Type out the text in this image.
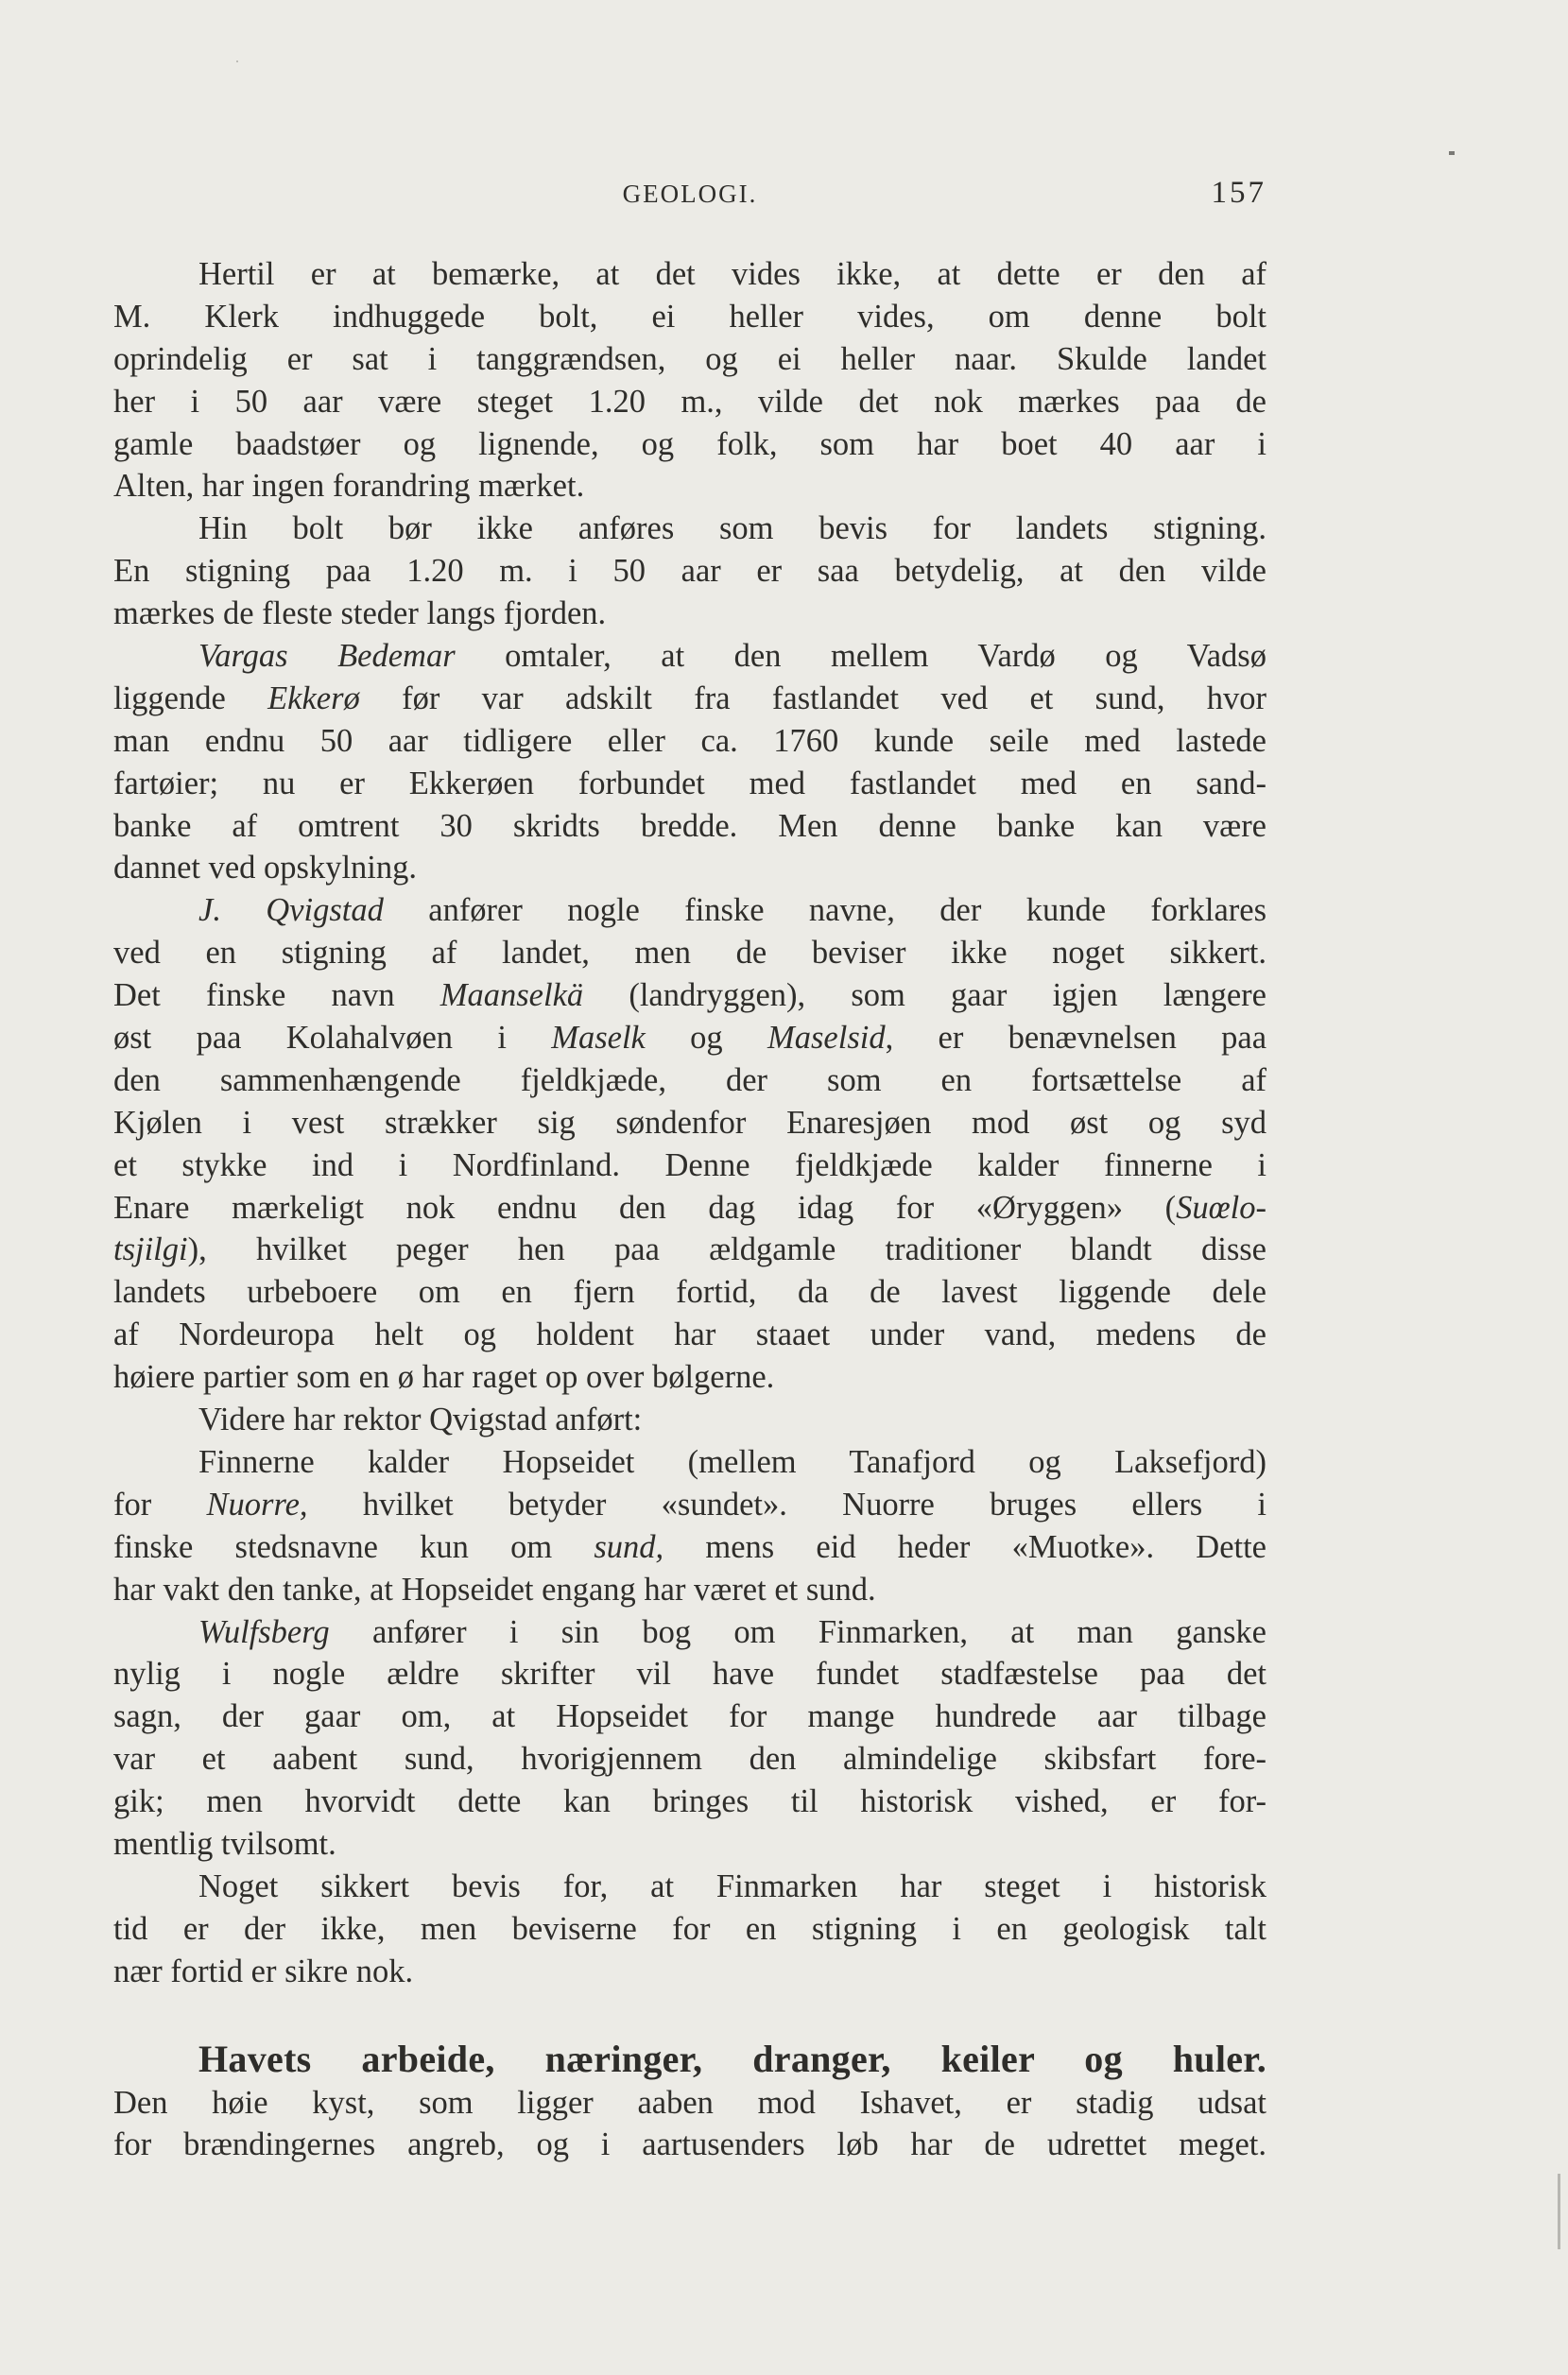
GEOLOGI.	157
Hertil er at bemærke, at det vides ikke, at dette er den af
M. Klerk indhuggede bolt, ei heller vides, om denne bolt
oprindelig er sat i tanggrændsen, og ei heller naar. Skulde landet
her i 50 aar være steget 1.20 m., vilde det nok mærkes paa de
gamle baadstøer og lignende, og folk, som har boet 40 aar i
Alten, har ingen forandring mærket.
Hin bolt bør ikke anføres som bevis for landets stigning.
En stigning paa 1.20 m. i 50 aar er saa betydelig, at den vilde
mærkes de fleste steder langs fjorden.
Vargas Bedemar omtaler, at den mellem Vardø og Vadsø
liggende Ekkerø før var adskilt fra fastlandet ved et sund, hvor
man endnu 50 aar tidligere eller ca. 1760 kunde seile med lastede
fartøier; nu er Ekkerøen forbundet med fastlandet med en sand-
banke af omtrent 30 skridts bredde. Men denne banke kan være
dannet ved opskylning.
J. Qvigstad anfører nogle finske navne, der kunde forklares
ved en stigning af landet, men de beviser ikke noget sikkert.
Det finske navn Maanselkä (landryggen), som gaar igjen længere
øst paa Kolahalvøen i Maselk og Maselsid, er benævnelsen paa
den sammenhængende fjeldkjæde, der som en fortsættelse af
Kjølen i vest strækker sig søndenfor Enaresjøen mod øst og syd
et stykke ind i Nordfinland. Denne fjeldkjæde kalder finnerne i
Enare mærkeligt nok endnu den dag idag for «Øryggen» (Suœlo-
tsjilgi), hvilket peger hen paa ældgamle traditioner blandt disse
landets urbeboere om en fjern fortid, da de lavest liggende dele
af Nordeuropa helt og holdent har staaet under vand, medens de
høiere partier som en ø har raget op over bølgerne.
Videre har rektor Qvigstad anført:
Finnerne kalder Hopseidet (mellem Tanafjord og Laksefjord)
for Nuorre, hvilket betyder «sundet». Nuorre bruges ellers i
finske stedsnavne kun om sund, mens eid heder «Muotke». Dette
har vakt den tanke, at Hopseidet engang har været et sund.
Wulfsberg anfører i sin bog om Finmarken, at man ganske
nylig i nogle ældre skrifter vil have fundet stadfæstelse paa det
sagn, der gaar om, at Hopseidet for mange hundrede aar tilbage
var et aabent sund, hvorigjennem den almindelige skibsfart fore-
gik; men hvorvidt dette kan bringes til historisk vished, er for-
mentlig tvilsomt.
Noget sikkert bevis for, at Finmarken har steget i historisk
tid er der ikke, men beviserne for en stigning i en geologisk talt
nær fortid er sikre nok.
Havets arbeide, næringer, dranger, keiler og huler.
Den høie kyst, som ligger aaben mod Ishavet, er stadig udsat
for brændingernes angreb, og i aartusenders løb har de udrettet meget.
